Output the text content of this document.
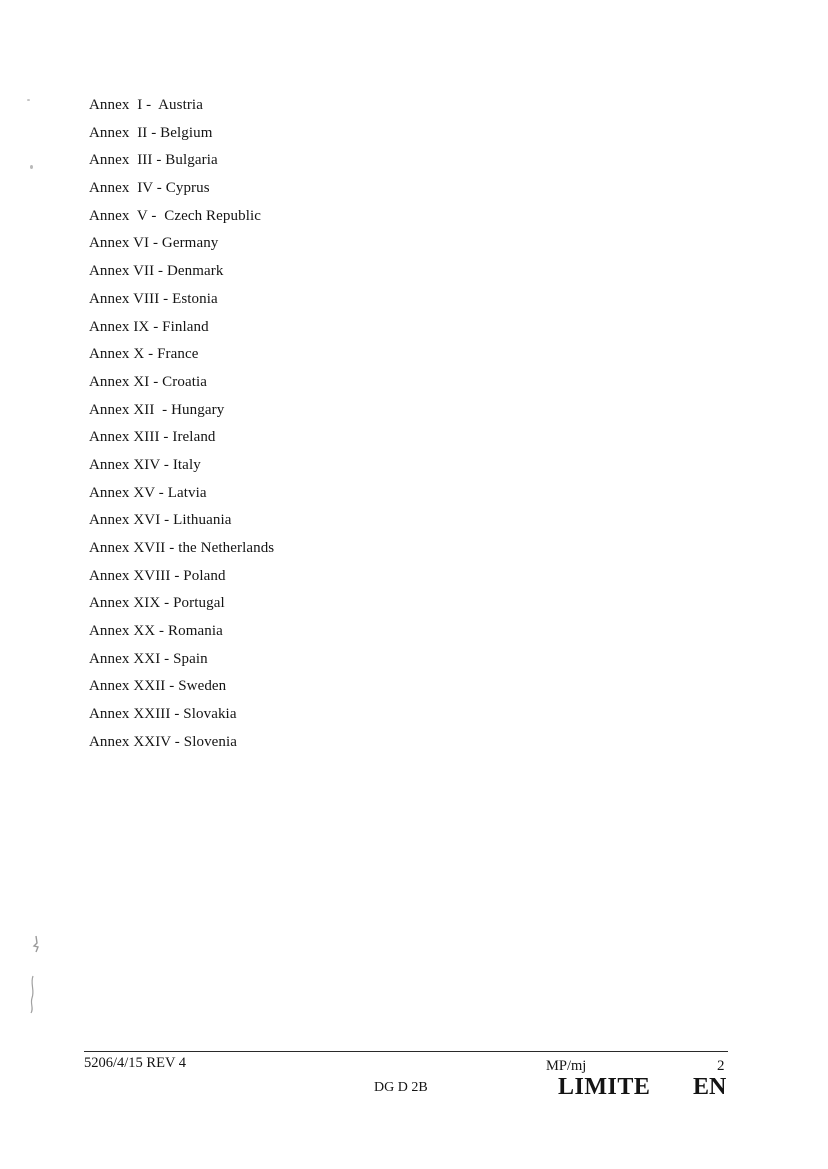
Annex  I -  Austria
Annex  II - Belgium
Annex  III - Bulgaria
Annex  IV - Cyprus
Annex  V -  Czech Republic
Annex VI - Germany
Annex VII - Denmark
Annex VIII - Estonia
Annex IX - Finland
Annex X - France
Annex XI - Croatia
Annex XII  - Hungary
Annex XIII - Ireland
Annex XIV - Italy
Annex XV - Latvia
Annex XVI - Lithuania
Annex XVII - the Netherlands
Annex XVIII - Poland
Annex XIX - Portugal
Annex XX - Romania
Annex XXI - Spain
Annex XXII - Sweden
Annex XXIII - Slovakia
Annex XXIV - Slovenia
5206/4/15 REV 4	MP/mj	2
DG D 2B	LIMITE EN
